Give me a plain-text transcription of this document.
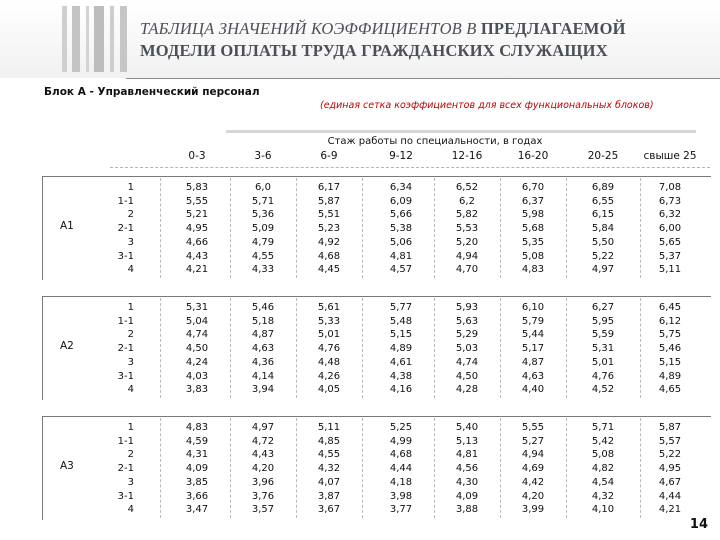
ТАБЛИЦА ЗНАЧЕНИЙ КОЭФФИЦИЕНТОВ В ПРЕДЛАГАЕМОЙ
МОДЕЛИ ОПЛАТЫ ТРУДА ГРАЖДАНСКИХ СЛУЖАЩИХ
Блок А - Управленческий персонал
(единая сетка коэффициентов для всех функциональных блоков)
Стаж работы по специальности, в годах
0-3	3-6	6-9	9-12	12-16	16-20	20-25	свыше 25
А1
1	5,83	6,0	6,17	6,34	6,52	6,70	6,89	7,08
1-1	5,55	5,71	5,87	6,09	6,2	6,37	6,55	6,73
2	5,21	5,36	5,51	5,66	5,82	5,98	6,15	6,32
2-1	4,95	5,09	5,23	5,38	5,53	5,68	5,84	6,00
3	4,66	4,79	4,92	5,06	5,20	5,35	5,50	5,65
3-1	4,43	4,55	4,68	4,81	4,94	5,08	5,22	5,37
4	4,21	4,33	4,45	4,57	4,70	4,83	4,97	5,11
А2
1	5,31	5,46	5,61	5,77	5,93	6,10	6,27	6,45
1-1	5,04	5,18	5,33	5,48	5,63	5,79	5,95	6,12
2	4,74	4,87	5,01	5,15	5,29	5,44	5,59	5,75
2-1	4,50	4,63	4,76	4,89	5,03	5,17	5,31	5,46
3	4,24	4,36	4,48	4,61	4,74	4,87	5,01	5,15
3-1	4,03	4,14	4,26	4,38	4,50	4,63	4,76	4,89
4	3,83	3,94	4,05	4,16	4,28	4,40	4,52	4,65
А3
1	4,83	4,97	5,11	5,25	5,40	5,55	5,71	5,87
1-1	4,59	4,72	4,85	4,99	5,13	5,27	5,42	5,57
2	4,31	4,43	4,55	4,68	4,81	4,94	5,08	5,22
2-1	4,09	4,20	4,32	4,44	4,56	4,69	4,82	4,95
3	3,85	3,96	4,07	4,18	4,30	4,42	4,54	4,67
3-1	3,66	3,76	3,87	3,98	4,09	4,20	4,32	4,44
4	3,47	3,57	3,67	3,77	3,88	3,99	4,10	4,21
14
